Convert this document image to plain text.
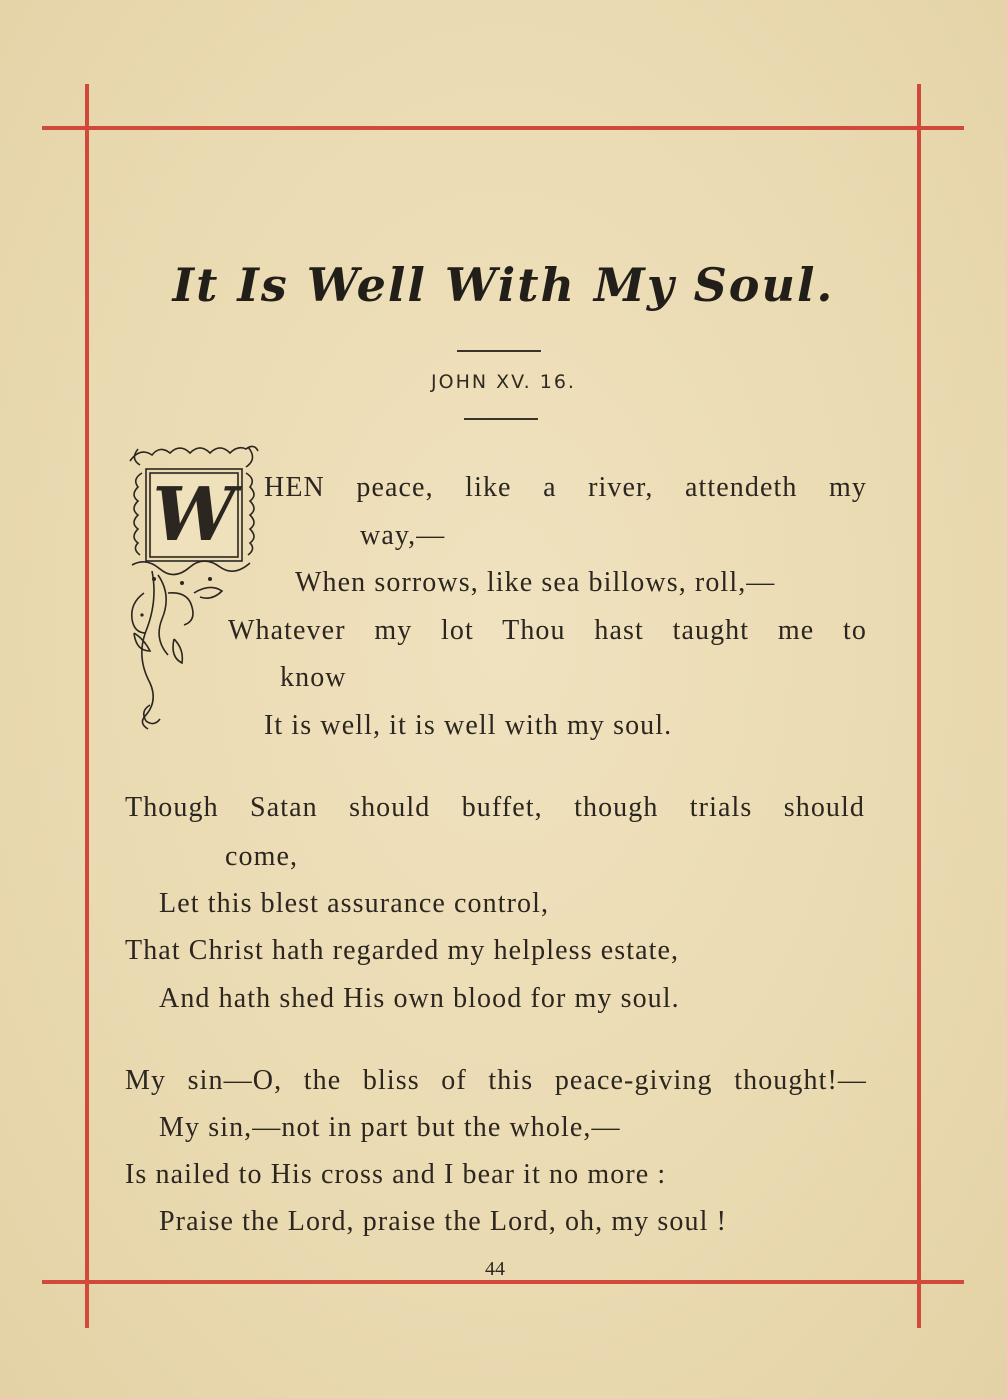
It Is Well With My Soul.
JOHN XV. 16.
W HEN peace, like a river, attendeth my
way,—
When sorrows, like sea billows, roll,—
Whatever my lot Thou hast taught me to
know
It is well, it is well with my soul.
Though Satan should buffet, though trials should
come,
Let this blest assurance control,
That Christ hath regarded my helpless estate,
And hath shed His own blood for my soul.
My sin—O, the bliss of this peace-giving thought!—
My sin,—not in part but the whole,—
Is nailed to His cross and I bear it no more :
Praise the Lord, praise the Lord, oh, my soul !
44
